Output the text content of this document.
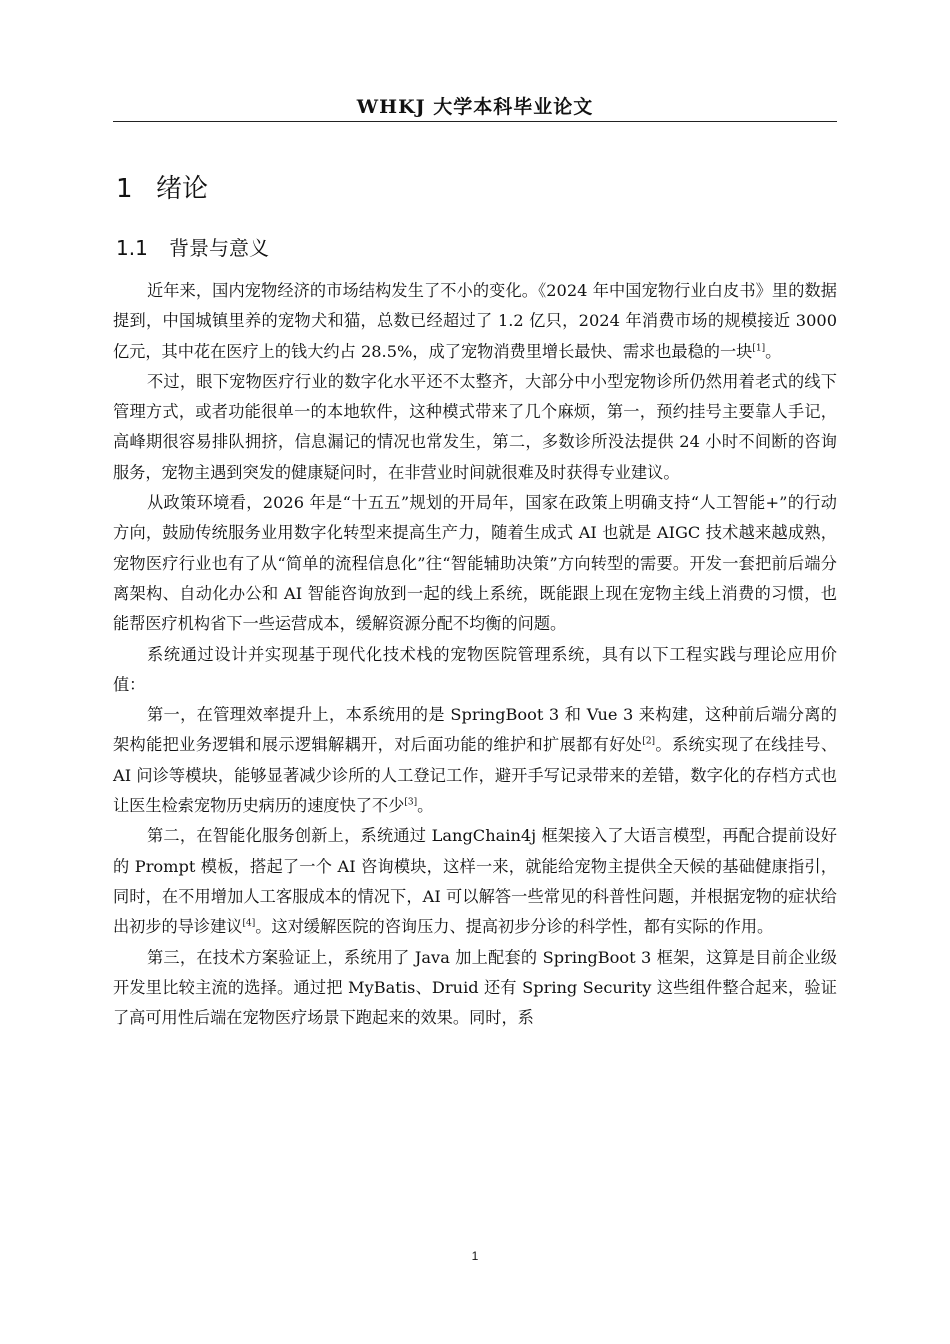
WHKJ 大学本科毕业论文
1 绪论
1.1 背景与意义

近年来，国内宠物经济的市场结构发生了不小的变化。《2024 年中国宠物行业白皮书》里的数据提到，中国城镇里养的宠物犬和猫，总数已经超过了 1.2 亿只，2024 年消费市场的规模接近 3000 亿元，其中花在医疗上的钱大约占 28.5%，成了宠物消费里增长最快、需求也最稳的一块[1]。

不过，眼下宠物医疗行业的数字化水平还不太整齐，大部分中小型宠物诊所仍然用着老式的线下管理方式，或者功能很单一的本地软件，这种模式带来了几个麻烦，第一，预约挂号主要靠人手记，高峰期很容易排队拥挤，信息漏记的情况也常发生，第二，多数诊所没法提供 24 小时不间断的咨询服务，宠物主遇到突发的健康疑问时，在非营业时间就很难及时获得专业建议。

从政策环境看，2026 年是“十五五”规划的开局年，国家在政策上明确支持“人工智能+”的行动方向，鼓励传统服务业用数字化转型来提高生产力，随着生成式 AI 也就是 AIGC 技术越来越成熟，宠物医疗行业也有了从“简单的流程信息化”往“智能辅助决策”方向转型的需要。开发一套把前后端分离架构、自动化办公和 AI 智能咨询放到一起的线上系统，既能跟上现在宠物主线上消费的习惯，也能帮医疗机构省下一些运营成本，缓解资源分配不均衡的问题。

系统通过设计并实现基于现代化技术栈的宠物医院管理系统，具有以下工程实践与理论应用价值：

第一，在管理效率提升上，本系统用的是 SpringBoot 3 和 Vue 3 来构建，这种前后端分离的架构能把业务逻辑和展示逻辑解耦开，对后面功能的维护和扩展都有好处[2]。系统实现了在线挂号、AI 问诊等模块，能够显著减少诊所的人工登记工作，避开手写记录带来的差错，数字化的存档方式也让医生检索宠物历史病历的速度快了不少[3]。

第二，在智能化服务创新上，系统通过 LangChain4j 框架接入了大语言模型，再配合提前设好的 Prompt 模板，搭起了一个 AI 咨询模块，这样一来，就能给宠物主提供全天候的基础健康指引，同时，在不用增加人工客服成本的情况下，AI 可以解答一些常见的科普性问题，并根据宠物的症状给出初步的导诊建议[4]。这对缓解医院的咨询压力、提高初步分诊的科学性，都有实际的作用。

第三，在技术方案验证上，系统用了 Java 加上配套的 SpringBoot 3 框架，这算是目前企业级开发里比较主流的选择。通过把 MyBatis、Druid 还有 Spring Security 这些组件整合起来，验证了高可用性后端在宠物医疗场景下跑起来的效果。同时，系

1
